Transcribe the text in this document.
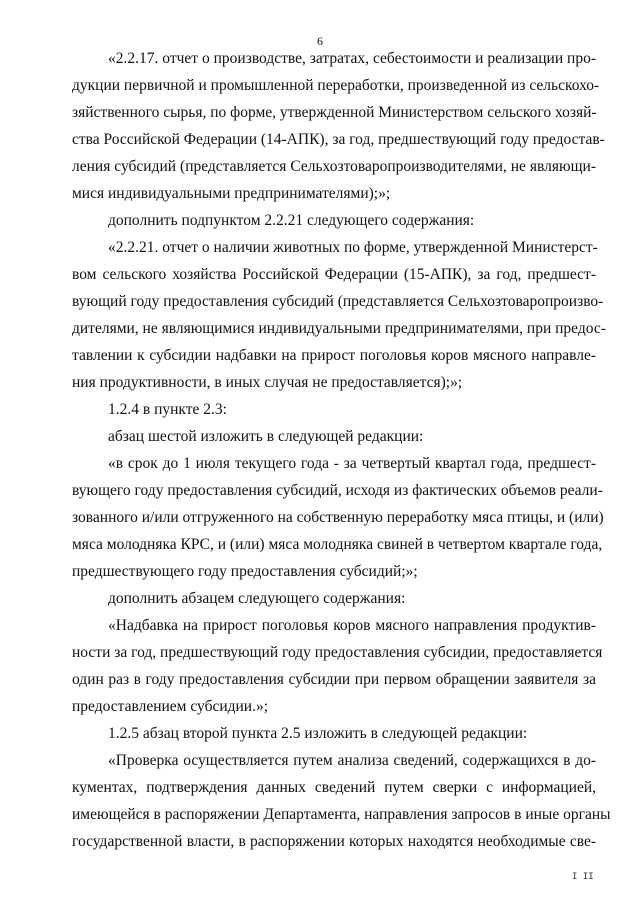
6

«2.2.17. отчет о производстве, затратах, себестоимости и реализации про-
дукции первичной и промышленной переработки, произведенной из сельскохо-
зяйственного сырья, по форме, утвержденной Министерством сельского хозяй-
ства Российской Федерации (14-АПК), за год, предшествующий году предостав-
ления субсидий (представляется Сельхозтоваропроизводителями, не являющи-
мися индивидуальными предпринимателями);»;

дополнить подпунктом 2.2.21 следующего содержания:

«2.2.21. отчет о наличии животных по форме, утвержденной Министерст-
вом сельского хозяйства Российской Федерации (15-АПК), за год, предшест-
вующий году предоставления субсидий (представляется Сельхозтоваропроизво-
дителями, не являющимися индивидуальными предпринимателями, при предос-
тавлении к субсидии надбавки на прирост поголовья коров мясного направле-
ния продуктивности, в иных случая не предоставляется);»;

1.2.4 в пункте 2.3:

абзац шестой изложить в следующей редакции:

«в срок до 1 июля текущего года - за четвертый квартал года, предшест-
вующего году предоставления субсидий, исходя из фактических объемов реали-
зованного и/или отгруженного на собственную переработку мяса птицы, и (или)
мяса молодняка КРС, и (или) мяса молодняка свиней в четвертом квартале года,
предшествующего году предоставления субсидий;»;

дополнить абзацем следующего содержания:

«Надбавка на прирост поголовья коров мясного направления продуктив-
ности за год, предшествующий году предоставления субсидии, предоставляется
один раз в году предоставления субсидии при первом обращении заявителя за
предоставлением субсидии.»;

1.2.5 абзац второй пункта 2.5 изложить в следующей редакции:

«Проверка осуществляется путем анализа сведений, содержащихся в до-
кументах, подтверждения данных сведений путем сверки с информацией,
имеющейся в распоряжении Департамента, направления запросов в иные органы
государственной власти, в распоряжении которых находятся необходимые све-

I II
